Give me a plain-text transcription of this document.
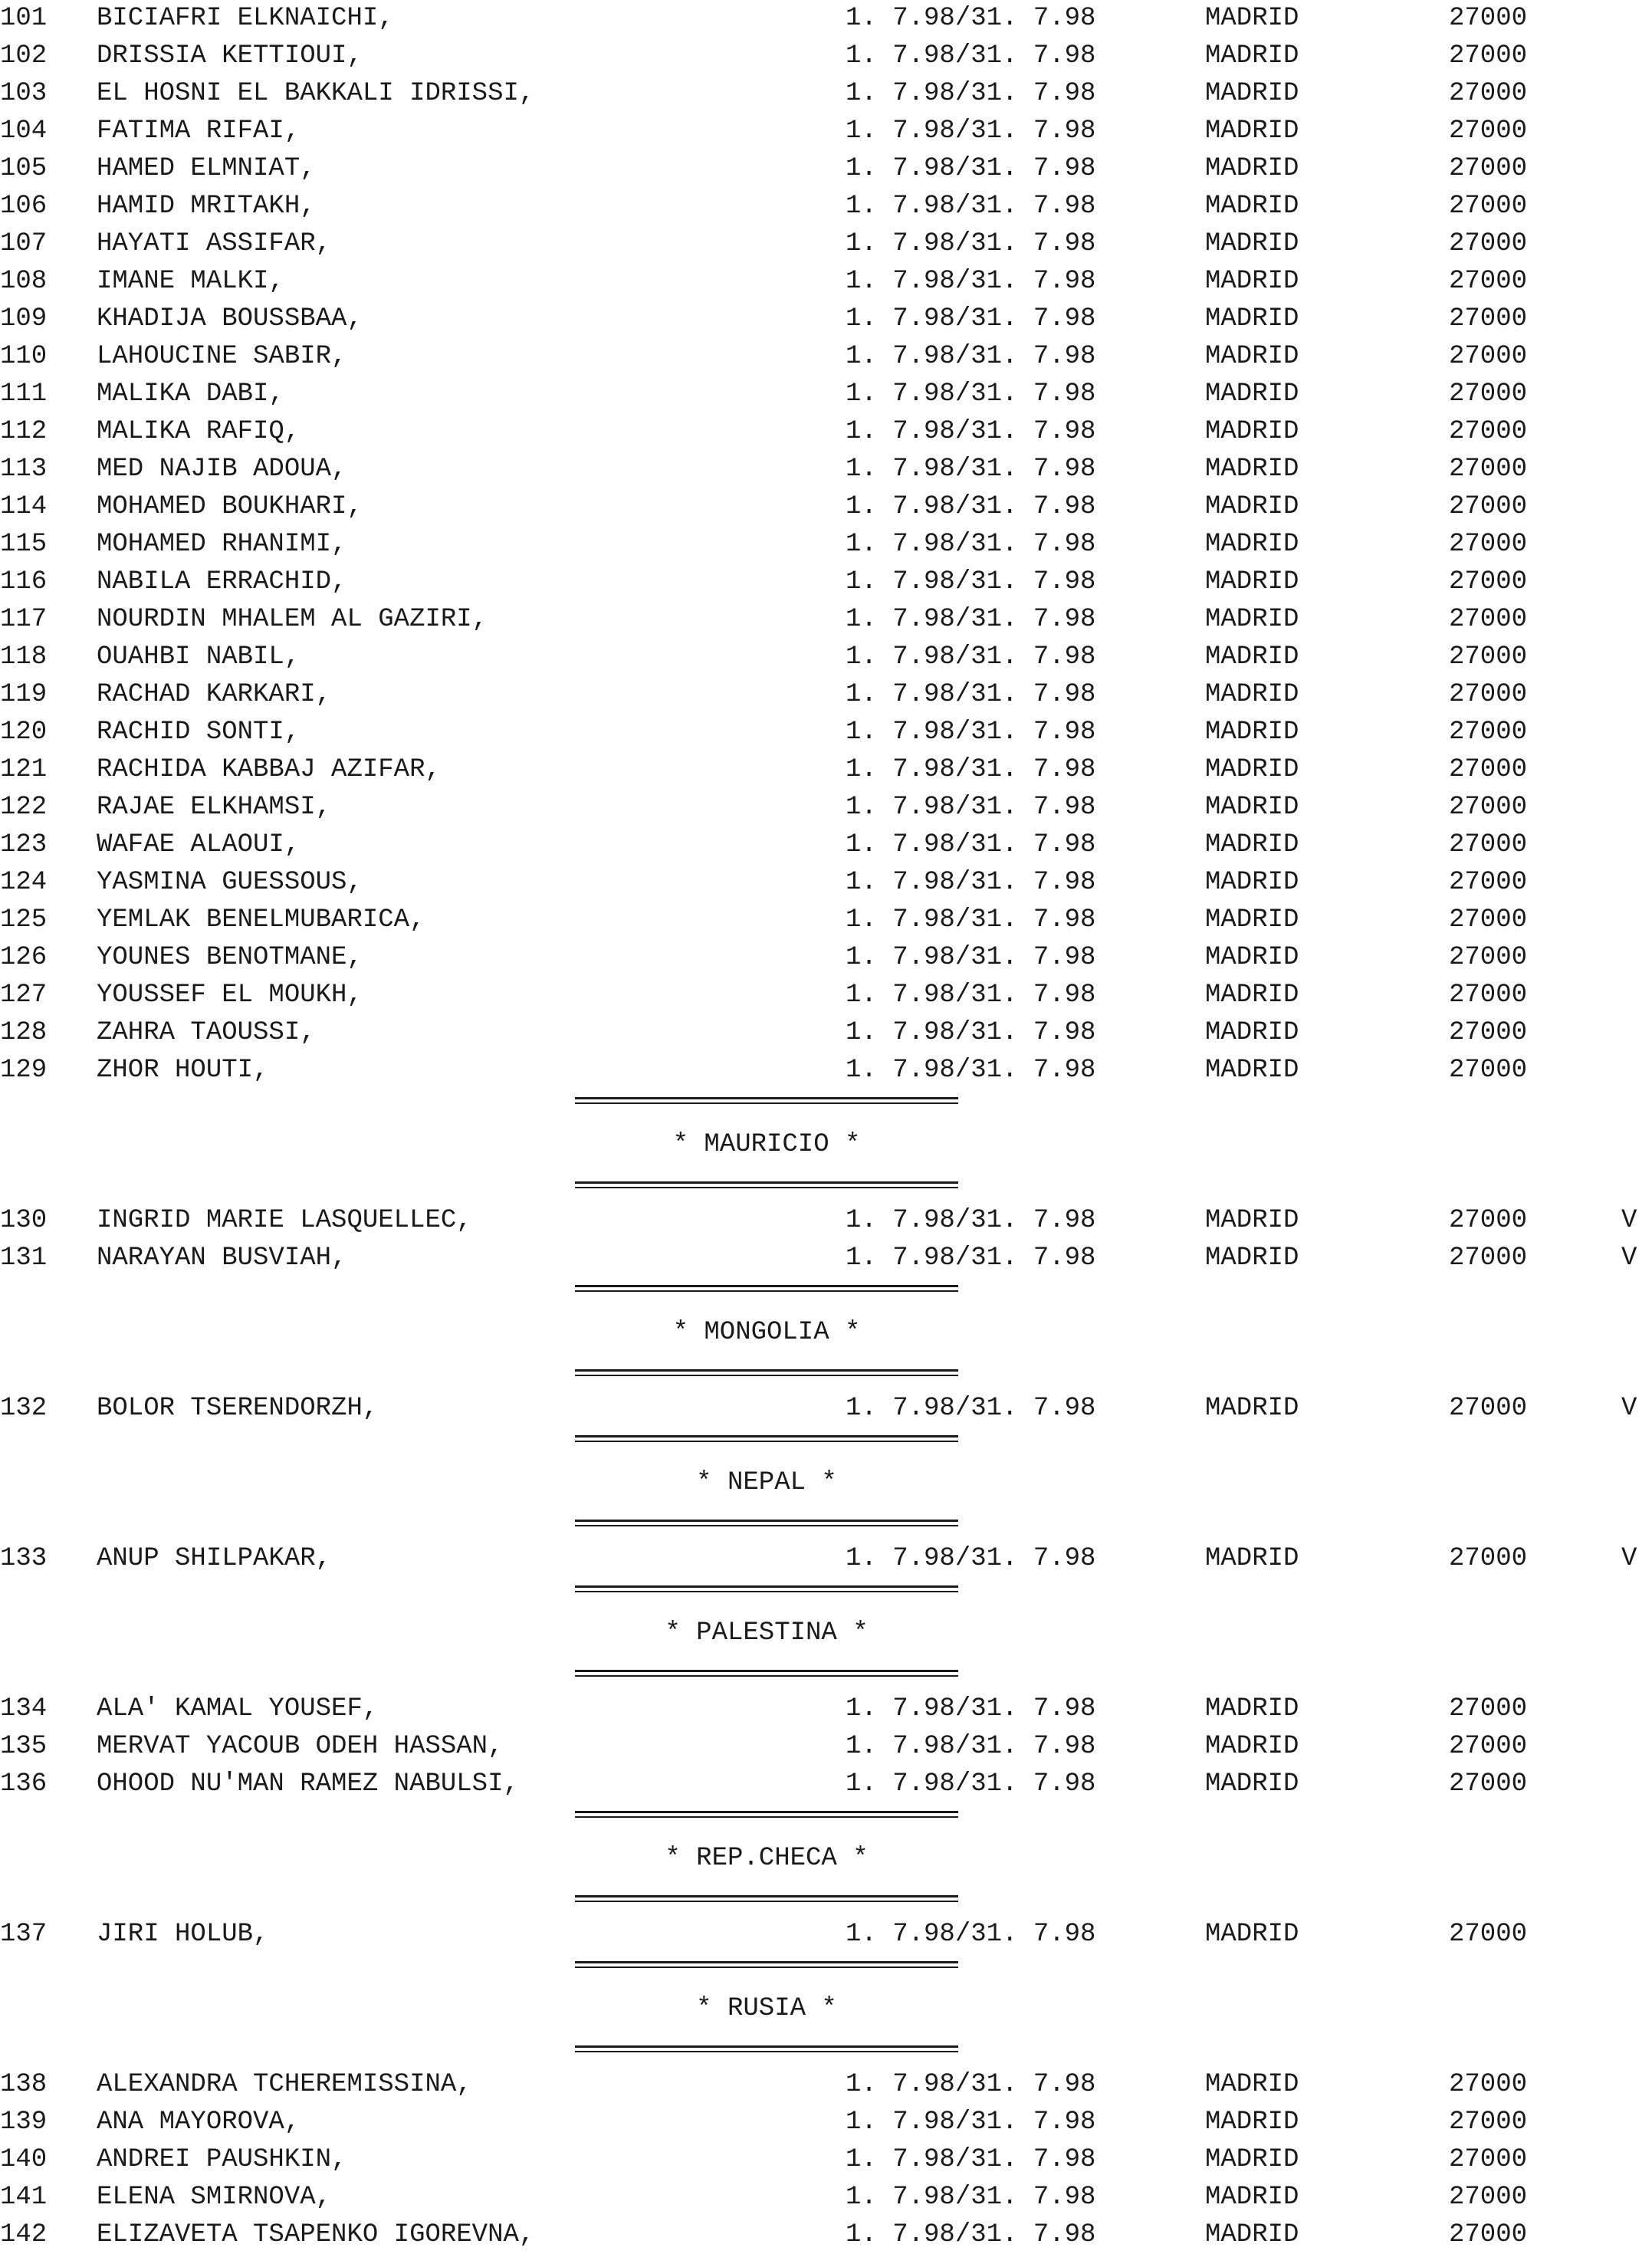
101 BICIAFRI ELKNAICHI,	1. 7.98/31. 7.98	MADRID	27000
102 DRISSIA KETTIOUI,	1. 7.98/31. 7.98	MADRID	27000
103 EL HOSNI EL BAKKALI IDRISSI,	1. 7.98/31. 7.98	MADRID	27000
104 FATIMA RIFAI,	1. 7.98/31. 7.98	MADRID	27000
105 HAMED ELMNIAT,	1. 7.98/31. 7.98	MADRID	27000
106 HAMID MRITAKH,	1. 7.98/31. 7.98	MADRID	27000
107 HAYATI ASSIFAR,	1. 7.98/31. 7.98	MADRID	27000
108 IMANE MALKI,	1. 7.98/31. 7.98	MADRID	27000
109 KHADIJA BOUSSBAA,	1. 7.98/31. 7.98	MADRID	27000
110 LAHOUCINE SABIR,	1. 7.98/31. 7.98	MADRID	27000
111 MALIKA DABI,	1. 7.98/31. 7.98	MADRID	27000
112 MALIKA RAFIQ,	1. 7.98/31. 7.98	MADRID	27000
113 MED NAJIB ADOUA,	1. 7.98/31. 7.98	MADRID	27000
114 MOHAMED BOUKHARI,	1. 7.98/31. 7.98	MADRID	27000
115 MOHAMED RHANIMI,	1. 7.98/31. 7.98	MADRID	27000
116 NABILA ERRACHID,	1. 7.98/31. 7.98	MADRID	27000
117 NOURDIN MHALEM AL GAZIRI,	1. 7.98/31. 7.98	MADRID	27000
118 OUAHBI NABIL,	1. 7.98/31. 7.98	MADRID	27000
119 RACHAD KARKARI,	1. 7.98/31. 7.98	MADRID	27000
120 RACHID SONTI,	1. 7.98/31. 7.98	MADRID	27000
121 RACHIDA KABBAJ AZIFAR,	1. 7.98/31. 7.98	MADRID	27000
122 RAJAE ELKHAMSI,	1. 7.98/31. 7.98	MADRID	27000
123 WAFAE ALAOUI,	1. 7.98/31. 7.98	MADRID	27000
124 YASMINA GUESSOUS,	1. 7.98/31. 7.98	MADRID	27000
125 YEMLAK BENELMUBARICA,	1. 7.98/31. 7.98	MADRID	27000
126 YOUNES BENOTMANE,	1. 7.98/31. 7.98	MADRID	27000
127 YOUSSEF EL MOUKH,	1. 7.98/31. 7.98	MADRID	27000
128 ZAHRA TAOUSSI,	1. 7.98/31. 7.98	MADRID	27000
129 ZHOR HOUTI,	1. 7.98/31. 7.98	MADRID	27000
* MAURICIO *
130 INGRID MARIE LASQUELLEC,	1. 7.98/31. 7.98	MADRID	27000	V
131 NARAYAN BUSVIAH,	1. 7.98/31. 7.98	MADRID	27000	V
* MONGOLIA *
132 BOLOR TSERENDORZH,	1. 7.98/31. 7.98	MADRID	27000	V
* NEPAL *
133 ANUP SHILPAKAR,	1. 7.98/31. 7.98	MADRID	27000	V
* PALESTINA *
134 ALA' KAMAL YOUSEF,	1. 7.98/31. 7.98	MADRID	27000
135 MERVAT YACOUB ODEH HASSAN,	1. 7.98/31. 7.98	MADRID	27000
136 OHOOD NU'MAN RAMEZ NABULSI,	1. 7.98/31. 7.98	MADRID	27000
* REP.CHECA *
137 JIRI HOLUB,	1. 7.98/31. 7.98	MADRID	27000
* RUSIA *
138 ALEXANDRA TCHEREMISSINA,	1. 7.98/31. 7.98	MADRID	27000
139 ANA MAYOROVA,	1. 7.98/31. 7.98	MADRID	27000
140 ANDREI PAUSHKIN,	1. 7.98/31. 7.98	MADRID	27000
141 ELENA SMIRNOVA,	1. 7.98/31. 7.98	MADRID	27000
142 ELIZAVETA TSAPENKO IGOREVNA,	1. 7.98/31. 7.98	MADRID	27000
